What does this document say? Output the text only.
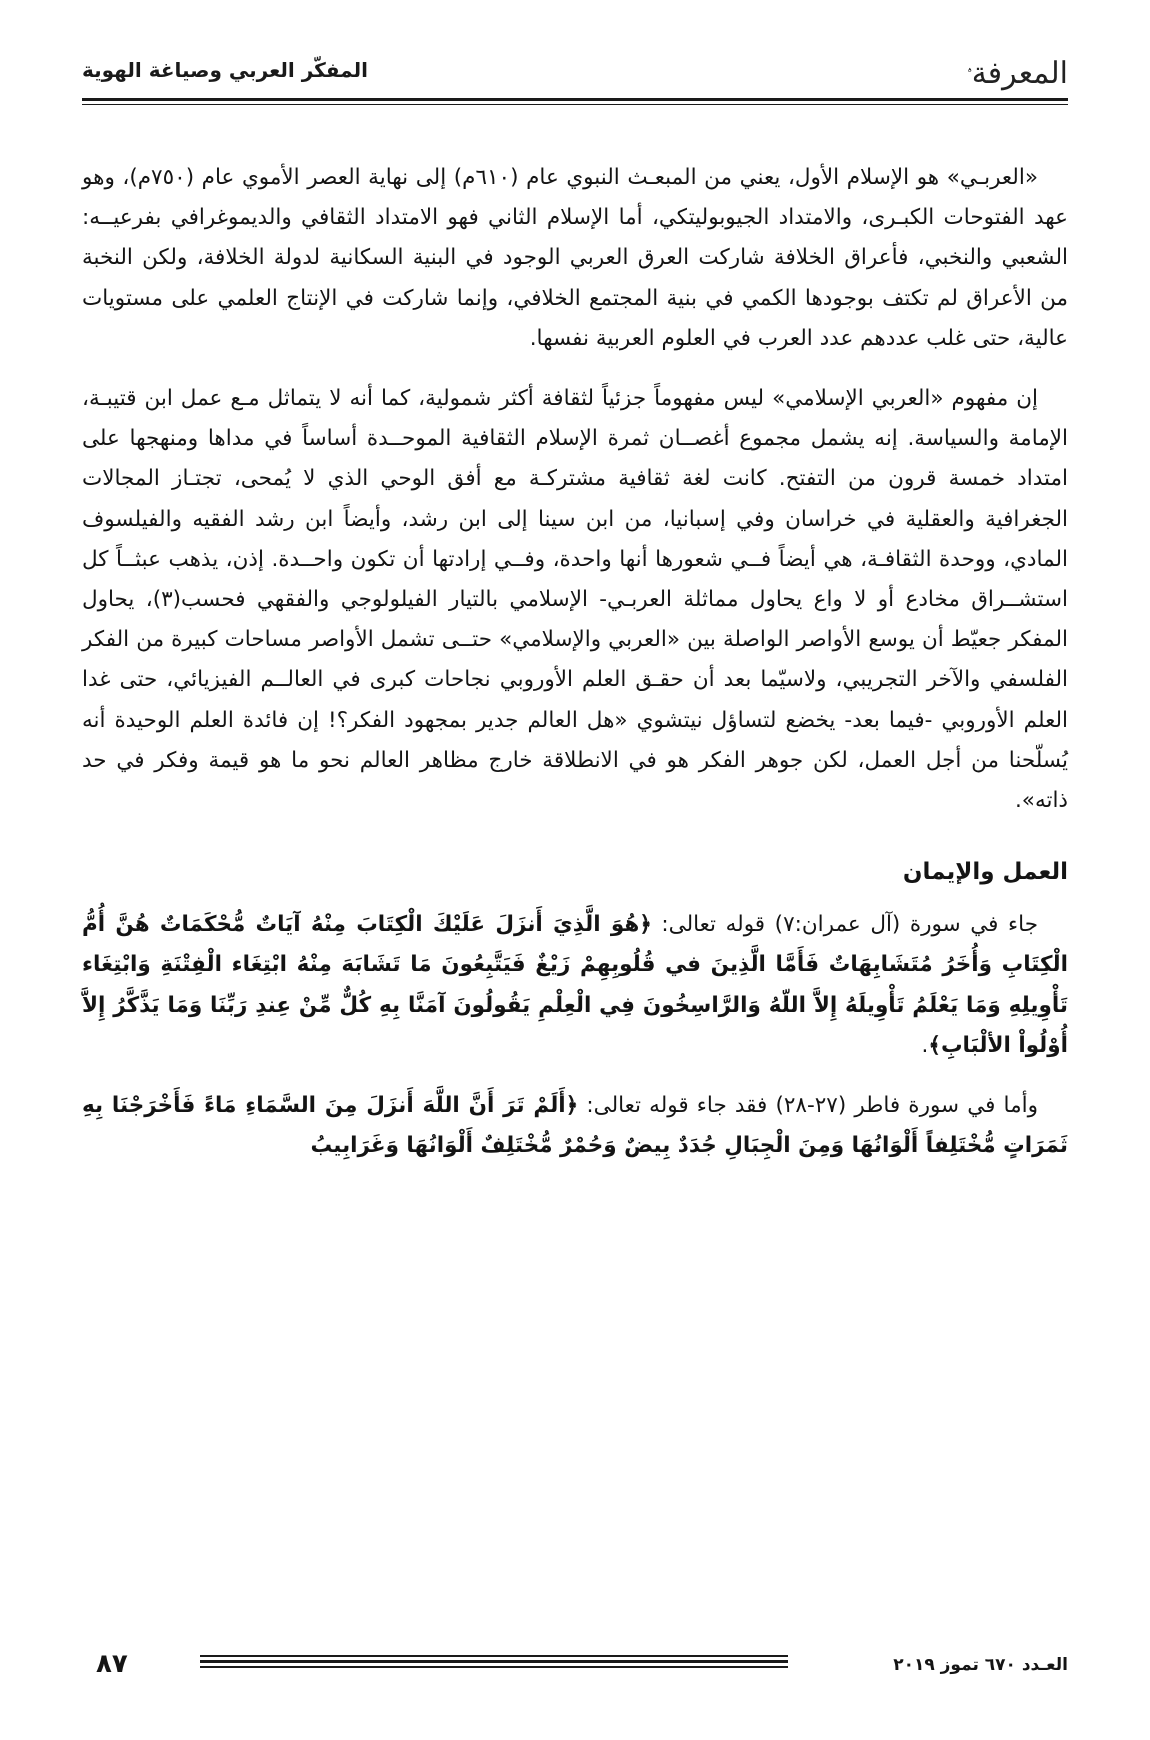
المعرفة$^ﮦ$
المفكّر العربي وصياغة الهوية

«العربـي» هو الإسلام الأول، يعني من المبعـث النبوي عام (٦١٠م) إلى نهاية العصر الأموي عام (٧٥٠م)، وهو عهد الفتوحات الكبـرى، والامتداد الجيوبوليتكي، أما الإسلام الثاني فهو الامتداد الثقافي والديموغرافي بفرعيــه: الشعبي والنخبي، فأعراق الخلافة شاركت العرق العربي الوجود في البنية السكانية لدولة الخلافة، ولكن النخبة من الأعراق لم تكتف بوجودها الكمي في بنية المجتمع الخلافي، وإنما شاركت في الإنتاج العلمي على مستويات عالية، حتى غلب عددهم عدد العرب في العلوم العربية نفسها.

إن مفهوم «العربي الإسلامي» ليس مفهوماً جزئياً لثقافة أكثر شمولية، كما أنه لا يتماثل مـع عمل ابن قتيبـة، الإمامة والسياسة. إنه يشمل مجموع أغصــان ثمرة الإسلام الثقافية الموحــدة أساساً في مداها ومنهجها على امتداد خمسة قرون من التفتح. كانت لغة ثقافية مشتركـة مع أفق الوحي الذي لا يُمحى، تجتـاز المجالات الجغرافية والعقلية في خراسان وفي إسبانيا، من ابن سينا إلى ابن رشد، وأيضاً ابن رشد الفقيه والفيلسوف المادي، ووحدة الثقافـة، هي أيضاً فــي شعورها أنها واحدة، وفــي إرادتها أن تكون واحــدة. إذن، يذهب عبثــاً كل استشــراق مخادع أو لا واع يحاول مماثلة العربـي- الإسلامي بالتيار الفيلولوجي والفقهي فحسب(٣)، يحاول المفكر جعيّط أن يوسع الأواصر الواصلة بين «العربي والإسلامي» حتــى تشمل الأواصر مساحات كبيرة من الفكر الفلسفي والآخر التجريبي، ولاسيّما بعد أن حقـق العلم الأوروبي نجاحات كبرى في العالــم الفيزيائي، حتى غدا العلم الأوروبي -فيما بعد- يخضع لتساؤل نيتشوي «هل العالم جدير بمجهود الفكر؟! إن فائدة العلم الوحيدة أنه يُسلّحنا من أجل العمل، لكن جوهر الفكر هو في الانطلاقة خارج مظاهر العالم نحو ما هو قيمة وفكر في حد ذاته».

العمل والإيمان

جاء في سورة (آل عمران:٧) قوله تعالى: ﴿هُوَ الَّذِيَ أَنزَلَ عَلَيْكَ الْكِتَابَ مِنْهُ آيَاتٌ مُّحْكَمَاتٌ هُنَّ أُمُّ الْكِتَابِ وَأُخَرُ مُتَشَابِهَاتٌ فَأَمَّا الَّذِينَ في قُلُوبِهِمْ زَيْغٌ فَيَتَّبِعُونَ مَا تَشَابَهَ مِنْهُ ابْتِغَاء الْفِتْنَةِ وَابْتِغَاء تَأْوِيلِهِ وَمَا يَعْلَمُ تَأْوِيلَهُ إِلاَّ اللّهُ وَالرَّاسِخُونَ فِي الْعِلْمِ يَقُولُونَ آمَنَّا بِهِ كُلٌّ مِّنْ عِندِ رَبِّنَا وَمَا يَذَّكَّرُ إِلاَّ أُوْلُواْ الألْبَابِ﴾.

وأما في سورة فاطر (٢٧-٢٨) فقد جاء قوله تعالى: ﴿أَلَمْ تَرَ أَنَّ اللَّهَ أَنزَلَ مِنَ السَّمَاءِ مَاءً فَأَخْرَجْنَا بِهِ ثَمَرَاتٍ مُّخْتَلِفاً أَلْوَانُهَا وَمِنَ الْجِبَالِ جُدَدٌ بِيضٌ وَحُمْرٌ مُّخْتَلِفٌ أَلْوَانُهَا وَغَرَابِيبُ

٨٧	العـدد ٦٧٠ تموز ٢٠١٩
